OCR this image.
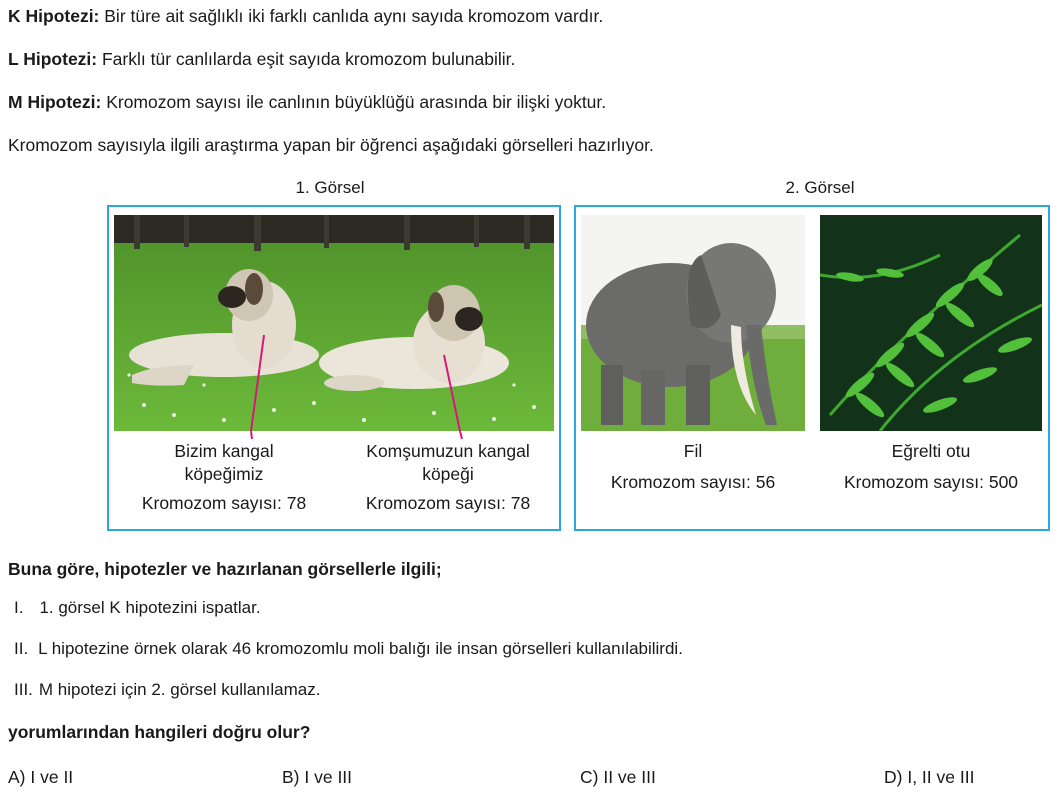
K Hipotezi: Bir türe ait sağlıklı iki farklı canlıda aynı sayıda kromozom vardır.
L Hipotezi: Farklı tür canlılarda eşit sayıda kromozom bulunabilir.
M Hipotezi: Kromozom sayısı ile canlının büyüklüğü arasında bir ilişki yoktur.
Kromozom sayısıyla ilgili araştırma yapan bir öğrenci aşağıdaki görselleri hazırlıyor.
1. Görsel	2. Görsel
Bizim kangal
köpeğimiz
Kromozom sayısı: 78
Komşumuzun kangal
köpeği
Kromozom sayısı: 78
Fil
Kromozom sayısı: 56
Eğrelti otu
Kromozom sayısı: 500
Buna göre, hipotezler ve hazırlanan görsellerle ilgili;
I. 1. görsel K hipotezini ispatlar.
II. L hipotezine örnek olarak 46 kromozomlu moli balığı ile insan görselleri kullanılabilirdi.
III. M hipotezi için 2. görsel kullanılamaz.
yorumlarından hangileri doğru olur?
A) I ve II	B) I ve III	C) II ve III	D) I, II ve III
